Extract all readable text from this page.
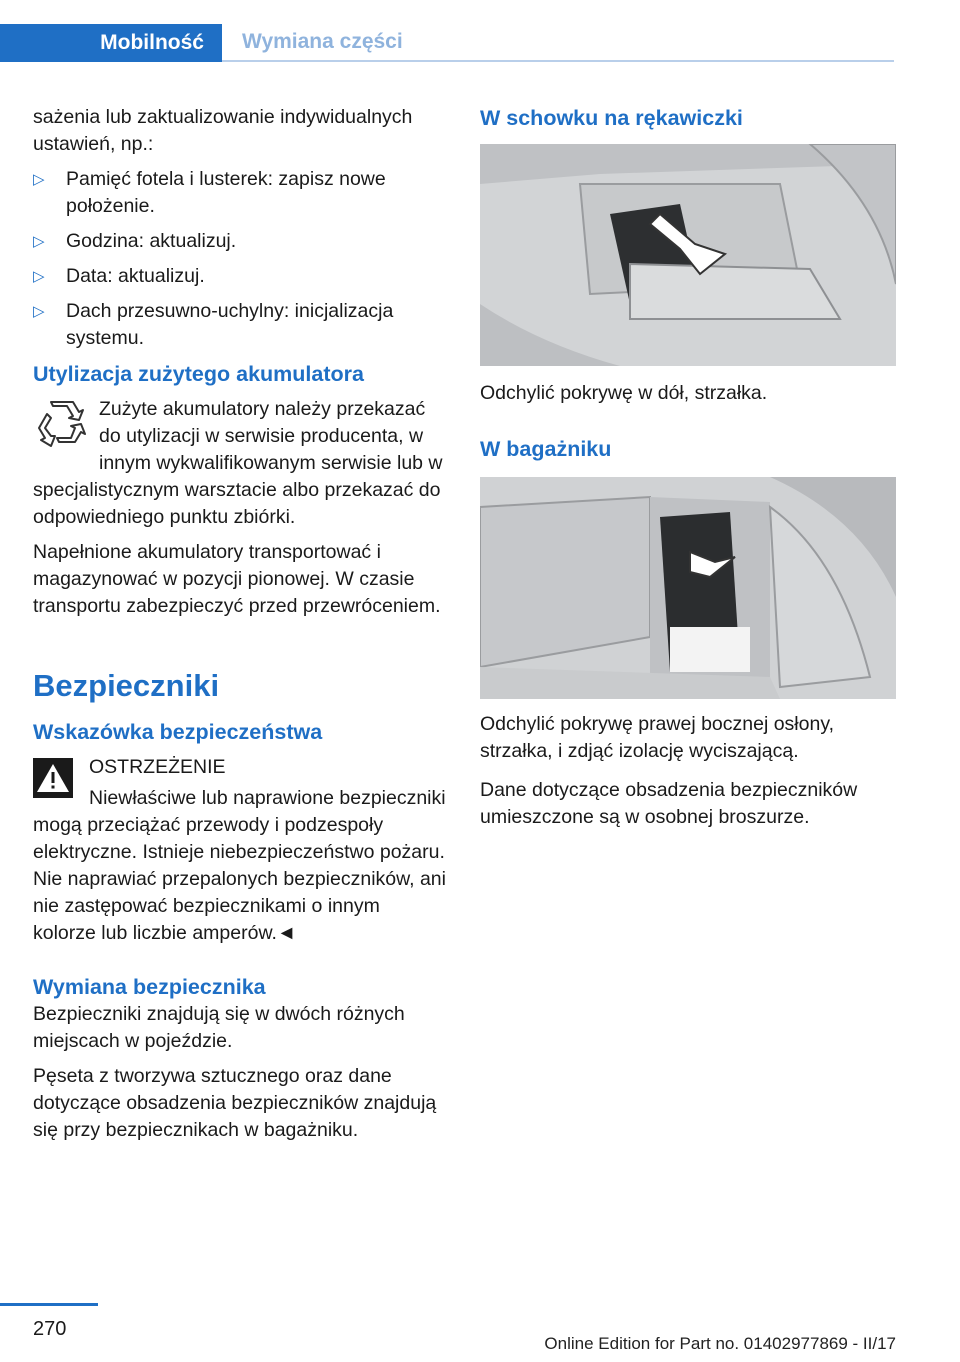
Mobilność	Wymiana części

sażenia lub zaktualizowanie indywidualnych ustawień, np.:

▷ Pamięć fotela i lusterek: zapisz nowe położenie.
▷ Godzina: aktualizuj.
▷ Data: aktualizuj.
▷ Dach przesuwno-uchylny: inicjalizacja systemu.
Utylizacja zużytego akumulatora

Zużyte akumulatory należy przekazać do utylizacji w serwisie producenta, w innym wykwalifikowanym serwisie lub w specjalistycznym warsztacie albo przekazać do odpowiedniego punktu zbiórki.

Napełnione akumulatory transportować i magazynować w pozycji pionowej. W czasie transportu zabezpieczyć przed przewróceniem.

Bezpieczniki
Wskazówka bezpieczeństwa

OSTRZEŻENIE

Niewłaściwe lub naprawione bezpieczniki mogą przeciążać przewody i podzespoły elektryczne. Istnieje niebezpieczeństwo pożaru. Nie naprawiać przepalonych bezpieczników, ani nie zastępować bezpiecznikami o innym kolorze lub liczbie amperów.◄

Wymiana bezpiecznika

Bezpieczniki znajdują się w dwóch różnych miejscach w pojeździe.

Pęseta z tworzywa sztucznego oraz dane dotyczące obsadzenia bezpieczników znajdują się przy bezpiecznikach w bagażniku.

W schowku na rękawiczki

Odchylić pokrywę w dół, strzałka.

W bagażniku

Odchylić pokrywę prawej bocznej osłony, strzałka, i zdjąć izolację wyciszającą.

Dane dotyczące obsadzenia bezpieczników umieszczone są w osobnej broszurze.

270
Online Edition for Part no. 01402977869 - II/17
